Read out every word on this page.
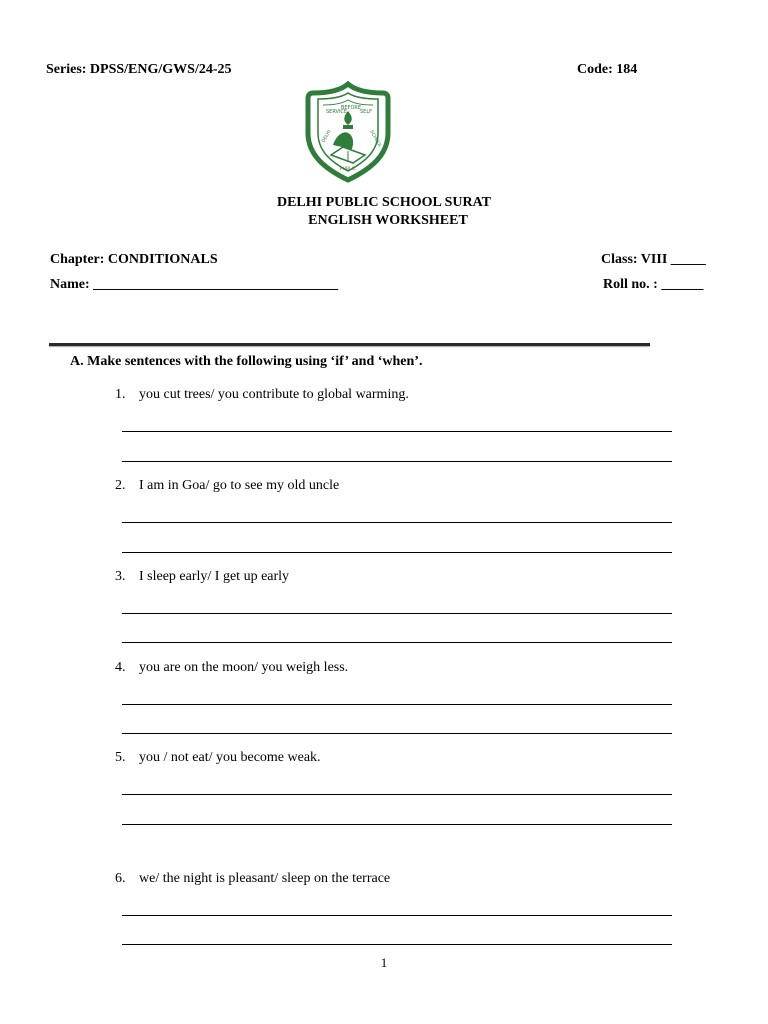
Series: DPSS/ENG/GWS/24-25	Code: 184
SERVICE
BEFORE
SELF
DELHI
PUBLIC
SCHOOL
DELHI PUBLIC SCHOOL SURAT
ENGLISH WORKSHEET
Chapter: CONDITIONALS	Class: VIII _____
Name: ___________________________________	Roll no. : ______
A. Make sentences with the following using ‘if’ and ‘when’.
1. you cut trees/ you contribute to global warming.
2. I am in Goa/ go to see my old uncle
3. I sleep early/ I get up early
4. you are on the moon/ you weigh less.
5. you / not eat/ you become weak.
6. we/ the night is pleasant/ sleep on the terrace
1
